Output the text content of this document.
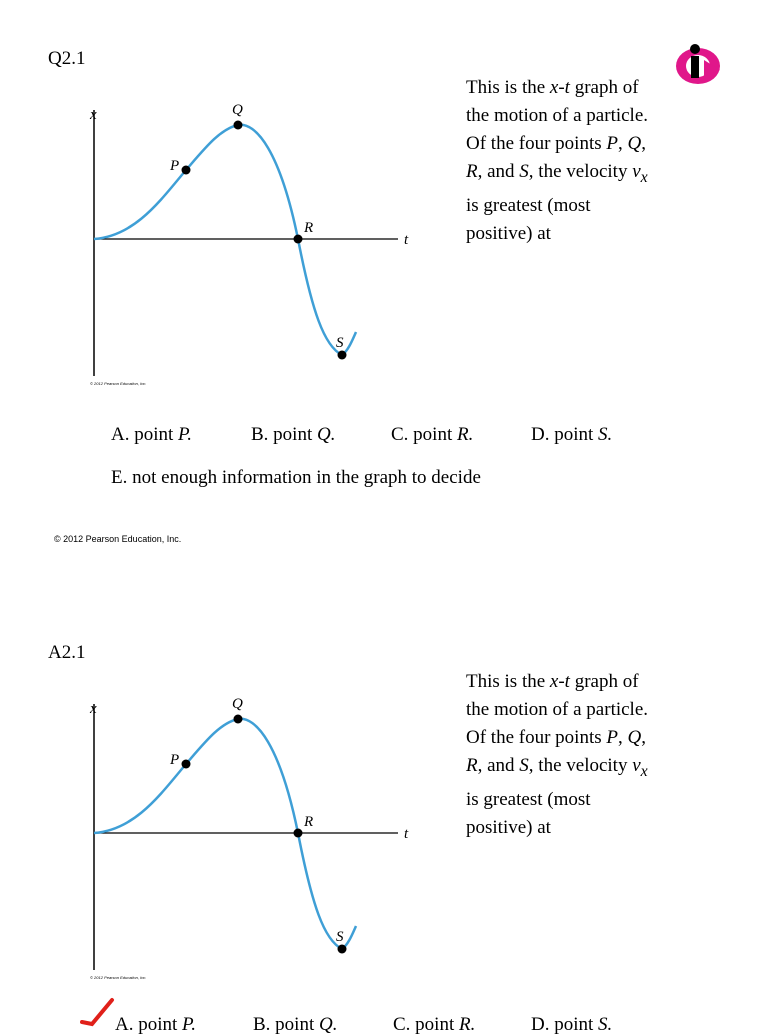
Q2.1
x
t
P
Q
R
S
© 2012 Pearson Education, Inc.
This is the x-t graph of the motion of a particle. Of the four points P, Q, R, and S, the velocity $v_x$ is greatest (most positive) at
A. point P.	B. point Q.	C. point R.	D. point S.
E. not enough information in the graph to decide
© 2012 Pearson Education, Inc.
A2.1
x
t
P
Q
R
S
© 2012 Pearson Education, Inc.
This is the x-t graph of the motion of a particle. Of the four points P, Q, R, and S, the velocity $v_x$ is greatest (most positive) at
A. point P.	B. point Q.	C. point R.	D. point S.
